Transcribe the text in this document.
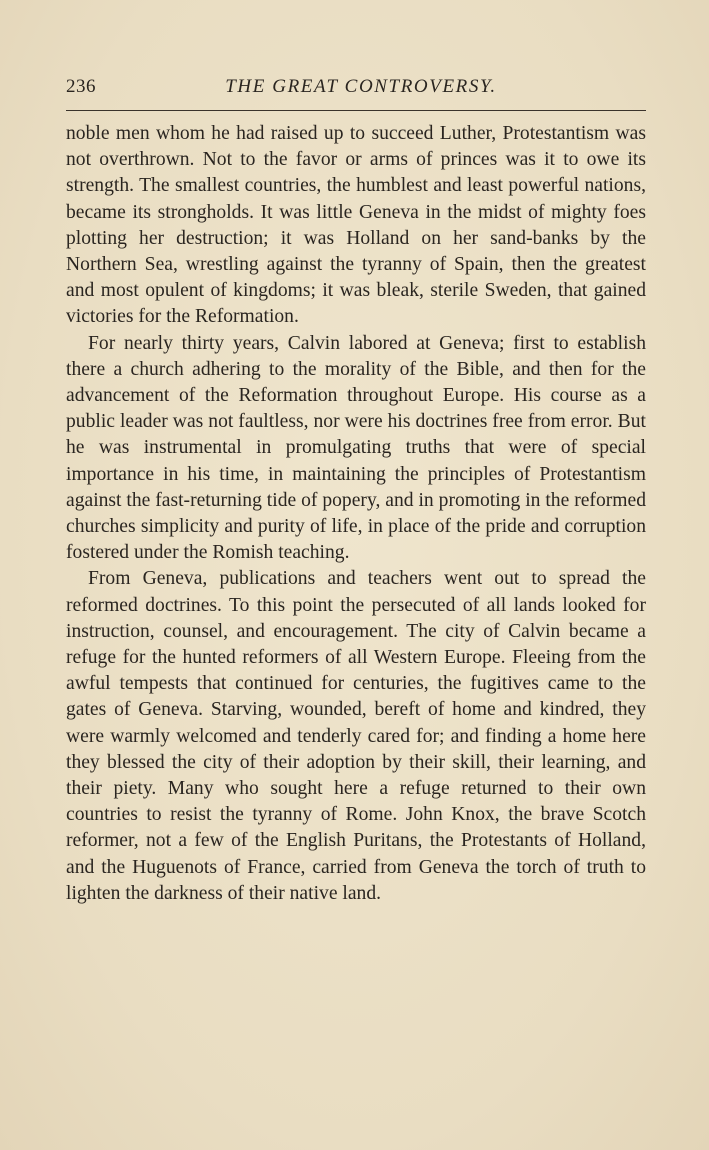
236	THE GREAT CONTROVERSY.

noble men whom he had raised up to succeed Luther, Protestantism was not overthrown. Not to the favor or arms of princes was it to owe its strength. The smallest countries, the humblest and least powerful nations, became its strongholds. It was little Geneva in the midst of mighty foes plotting her destruction; it was Holland on her sand-banks by the Northern Sea, wrestling against the tyranny of Spain, then the greatest and most opulent of kingdoms; it was bleak, sterile Sweden, that gained victories for the Reformation.

For nearly thirty years, Calvin labored at Geneva; first to establish there a church adhering to the morality of the Bible, and then for the advancement of the Reformation throughout Europe. His course as a public leader was not faultless, nor were his doctrines free from error. But he was instrumental in promulgating truths that were of special importance in his time, in maintaining the principles of Protestantism against the fast-returning tide of popery, and in promoting in the reformed churches simplicity and purity of life, in place of the pride and corruption fostered under the Romish teaching.

From Geneva, publications and teachers went out to spread the reformed doctrines. To this point the persecuted of all lands looked for instruction, counsel, and encouragement. The city of Calvin became a refuge for the hunted reformers of all Western Europe. Fleeing from the awful tempests that continued for centuries, the fugitives came to the gates of Geneva. Starving, wounded, bereft of home and kindred, they were warmly welcomed and tenderly cared for; and finding a home here they blessed the city of their adoption by their skill, their learning, and their piety. Many who sought here a refuge returned to their own countries to resist the tyranny of Rome. John Knox, the brave Scotch reformer, not a few of the English Puritans, the Protestants of Holland, and the Huguenots of France, carried from Geneva the torch of truth to lighten the darkness of their native land.
